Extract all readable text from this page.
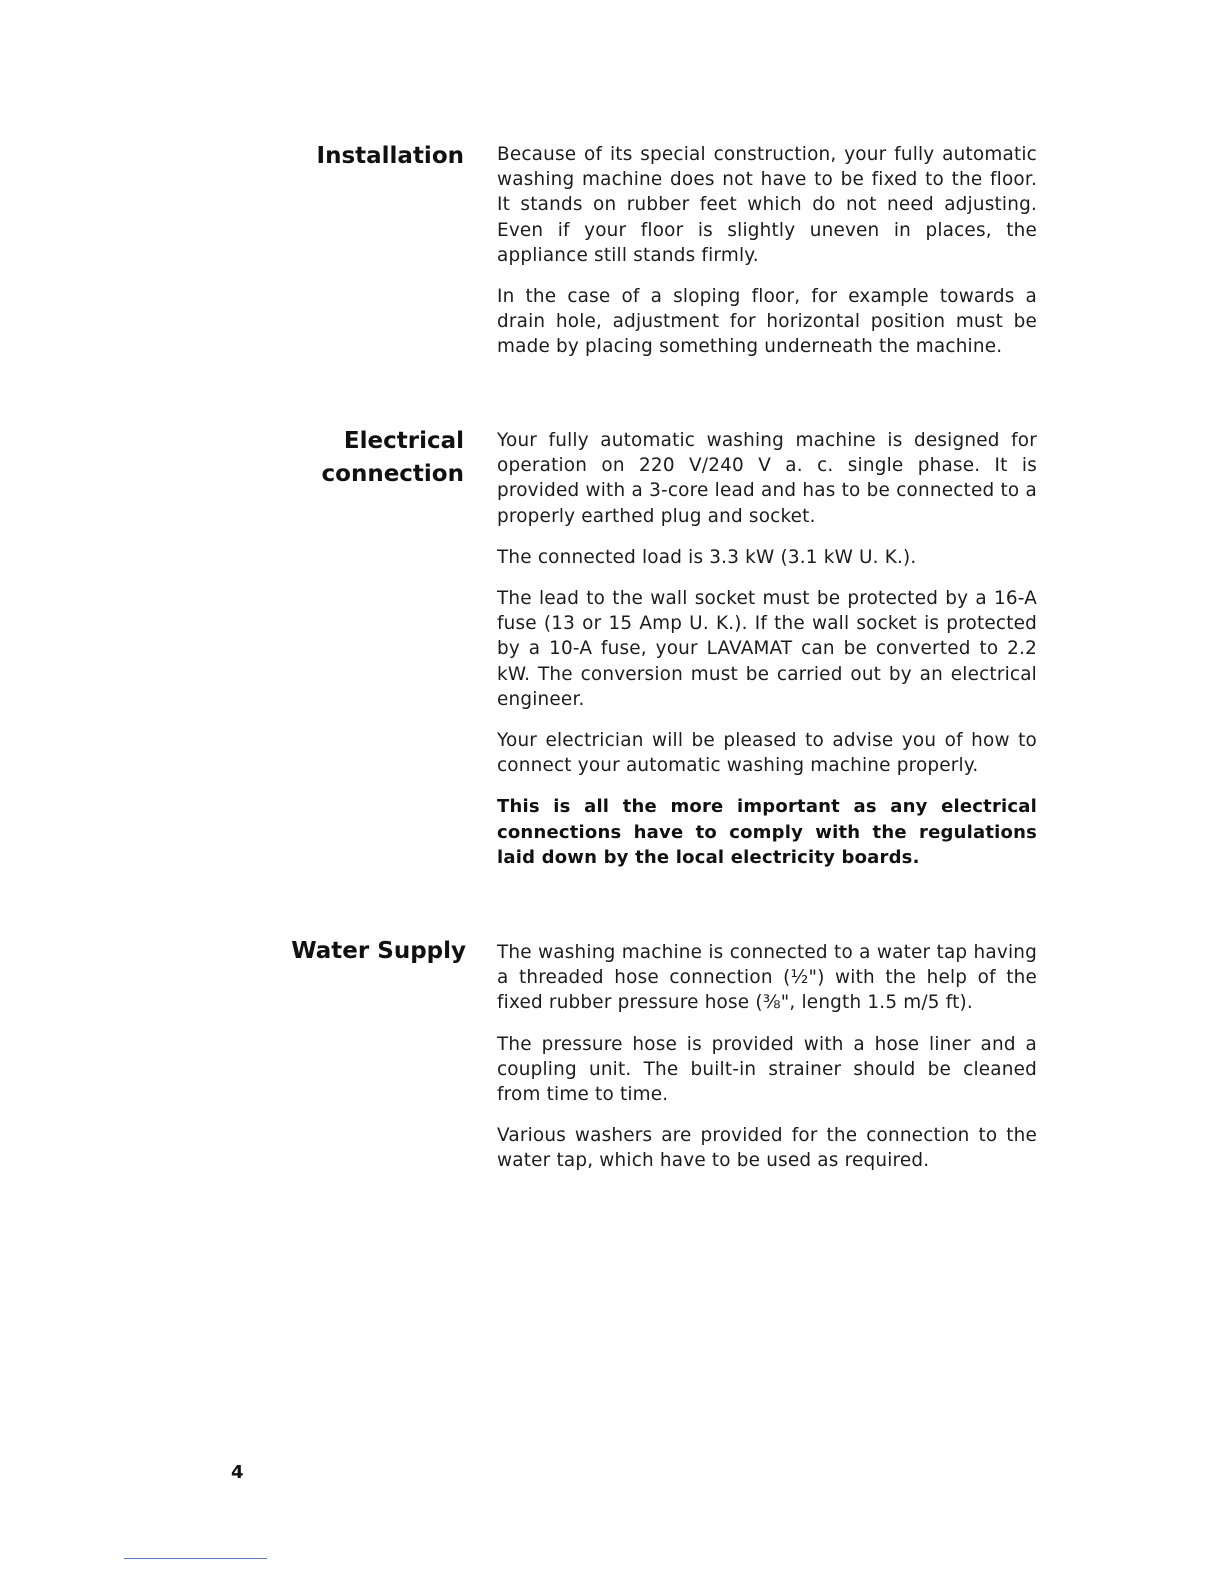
Installation Because of its special construction, your fully automatic washing machine does not have to be fixed to the floor. It stands on rubber feet which do not need adjusting. Even if your floor is slightly uneven in places, the appliance still stands firmly.

In the case of a sloping floor, for example towards a drain hole, adjustment for horizontal position must be made by placing something underneath the machine.

Electrical
connection

Your fully automatic washing machine is designed for operation on 220 V/240 V a. c. single phase. It is provided with a 3-core lead and has to be connected to a properly earthed plug and socket.

The connected load is 3.3 kW (3.1 kW U. K.).

The lead to the wall socket must be protected by a 16-A fuse (13 or 15 Amp U. K.). If the wall socket is protected by a 10-A fuse, your LAVAMAT can be converted to 2.2 kW. The conversion must be carried out by an electrical engineer.

Your electrician will be pleased to advise you of how to connect your automatic washing machine properly.

This is all the more important as any electrical connections have to comply with the regulations laid down by the local electricity boards.

Water Supply The washing machine is connected to a water tap having a threaded hose connection (½") with the help of the fixed rubber pressure hose (⅜", length 1.5 m/5 ft).

The pressure hose is provided with a hose liner and a coupling unit. The built-in strainer should be cleaned from time to time.

Various washers are provided for the connection to the water tap, which have to be used as required.

4
